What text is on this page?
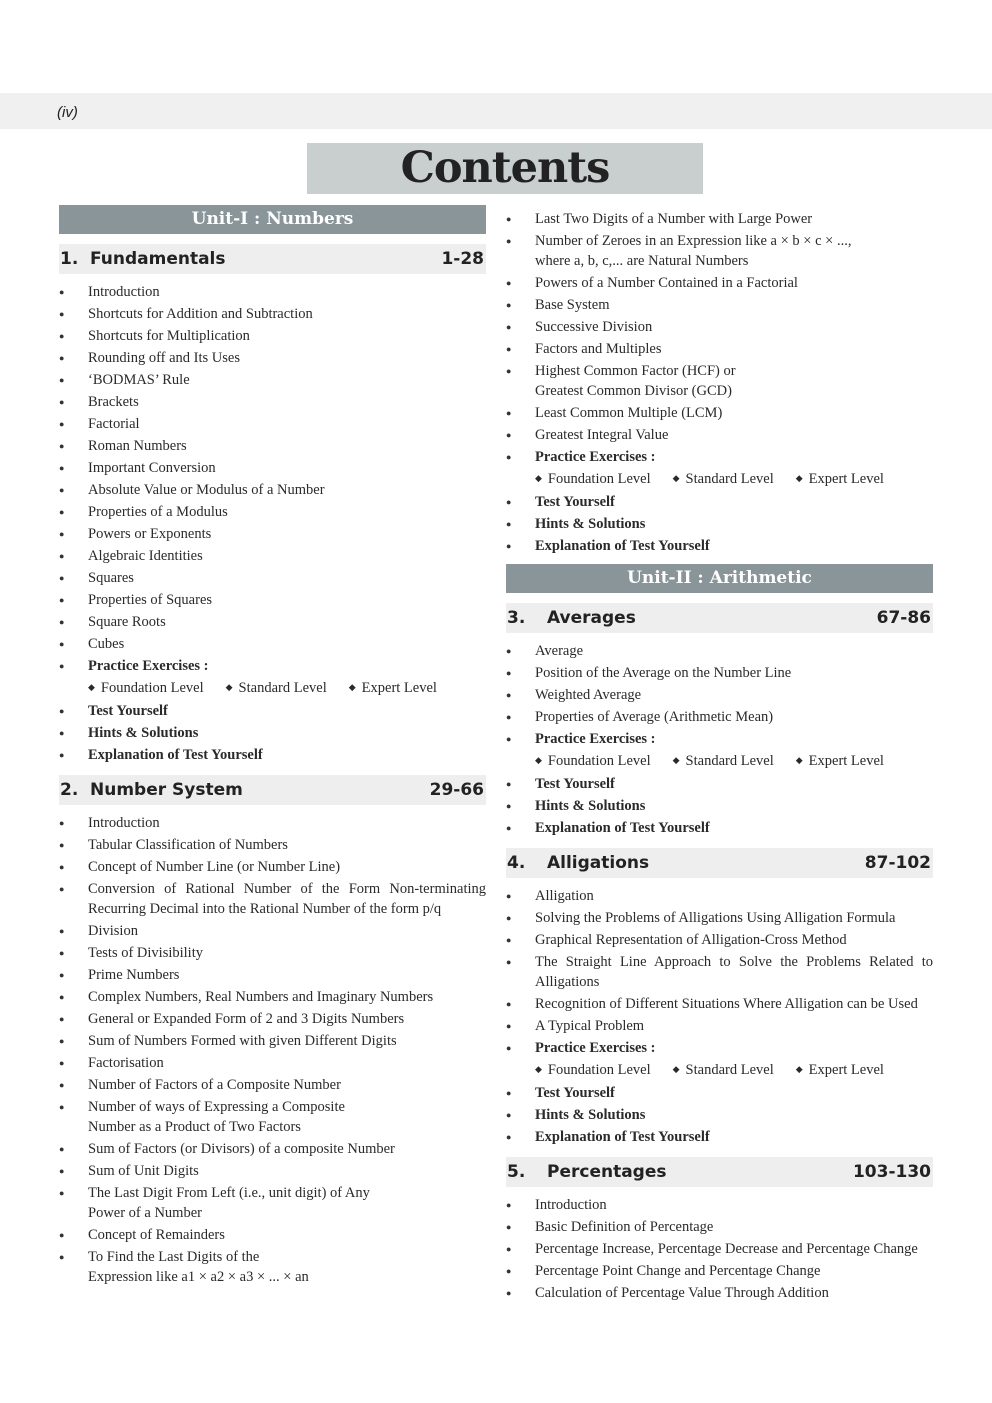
(iv)
Contents
Unit-I : Numbers
1. Fundamentals	1-28
● Introduction
● Shortcuts for Addition and Subtraction
● Shortcuts for Multiplication
● Rounding off and Its Uses
● ‘BODMAS’ Rule
● Brackets
● Factorial
● Roman Numbers
● Important Conversion
● Absolute Value or Modulus of a Number
● Properties of a Modulus
● Powers or Exponents
● Algebraic Identities
● Squares
● Properties of Squares
● Square Roots
● Cubes
● Practice Exercises :
◆ Foundation Level	◆ Standard Level	◆ Expert Level
● Test Yourself
● Hints & Solutions
● Explanation of Test Yourself
2. Number System	29-66
● Introduction
● Tabular Classification of Numbers
● Concept of Number Line (or Number Line)
● Conversion of Rational Number of the Form Non-terminating Recurring Decimal into the Rational Number of the form p/q
● Division
● Tests of Divisibility
● Prime Numbers
● Complex Numbers, Real Numbers and Imaginary Numbers
● General or Expanded Form of 2 and 3 Digits Numbers
● Sum of Numbers Formed with given Different Digits
● Factorisation
● Number of Factors of a Composite Number
● Number of ways of Expressing a Composite Number as a Product of Two Factors
● Sum of Factors (or Divisors) of a composite Number
● Sum of Unit Digits
● The Last Digit From Left (i.e., unit digit) of Any Power of a Number
● Concept of Remainders
● To Find the Last Digits of the Expression like a1 × a2 × a3 × ... × an
● Last Two Digits of a Number with Large Power
● Number of Zeroes in an Expression like a × b × c × ..., where a, b, c,... are Natural Numbers
● Powers of a Number Contained in a Factorial
● Base System
● Successive Division
● Factors and Multiples
● Highest Common Factor (HCF) or Greatest Common Divisor (GCD)
● Least Common Multiple (LCM)
● Greatest Integral Value
● Practice Exercises :
◆ Foundation Level	◆ Standard Level	◆ Expert Level
● Test Yourself
● Hints & Solutions
● Explanation of Test Yourself
Unit-II : Arithmetic
3.	Averages	67-86
● Average
● Position of the Average on the Number Line
● Weighted Average
● Properties of Average (Arithmetic Mean)
● Practice Exercises :
◆ Foundation Level	◆ Standard Level	◆ Expert Level
● Test Yourself
● Hints & Solutions
● Explanation of Test Yourself
4.	Alligations	87-102
● Alligation
● Solving the Problems of Alligations Using Alligation Formula
● Graphical Representation of Alligation-Cross Method
● The Straight Line Approach to Solve the Problems Related to Alligations
● Recognition of Different Situations Where Alligation can be Used
● A Typical Problem
● Practice Exercises :
◆ Foundation Level	◆ Standard Level	◆ Expert Level
● Test Yourself
● Hints & Solutions
● Explanation of Test Yourself
5.	Percentages	103-130
● Introduction
● Basic Definition of Percentage
● Percentage Increase, Percentage Decrease and Percentage Change
● Percentage Point Change and Percentage Change
● Calculation of Percentage Value Through Addition
